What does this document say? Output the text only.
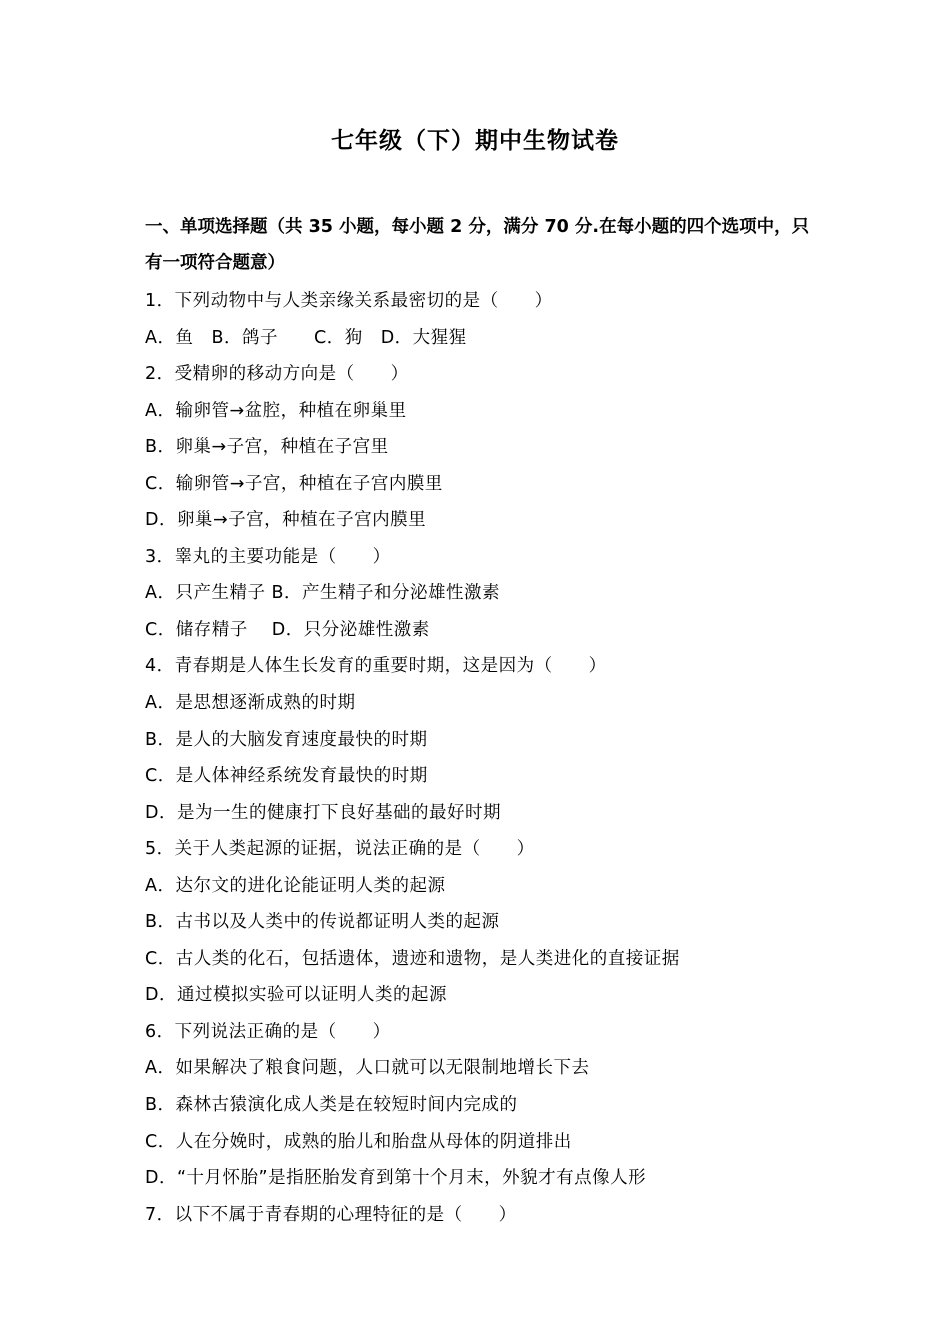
七年级（下）期中生物试卷
一、单项选择题（共 35 小题，每小题 2 分，满分 70 分.在每小题的四个选项中，只有一项符合题意）
1．下列动物中与人类亲缘关系最密切的是（　　）
A．鱼　B．鸽子　　C．狗　D．大猩猩
2．受精卵的移动方向是（　　）
A．输卵管→盆腔，种植在卵巢里
B．卵巢→子宫，种植在子宫里
C．输卵管→子宫，种植在子宫内膜里
D．卵巢→子宫，种植在子宫内膜里
3．睾丸的主要功能是（　　）
A．只产生精子 B．产生精子和分泌雄性激素
C．储存精子　 D．只分泌雄性激素
4．青春期是人体生长发育的重要时期，这是因为（　　）
A．是思想逐渐成熟的时期
B．是人的大脑发育速度最快的时期
C．是人体神经系统发育最快的时期
D．是为一生的健康打下良好基础的最好时期
5．关于人类起源的证据，说法正确的是（　　）
A．达尔文的进化论能证明人类的起源
B．古书以及人类中的传说都证明人类的起源
C．古人类的化石，包括遗体，遗迹和遗物，是人类进化的直接证据
D．通过模拟实验可以证明人类的起源
6．下列说法正确的是（　　）
A．如果解决了粮食问题，人口就可以无限制地增长下去
B．森林古猿演化成人类是在较短时间内完成的
C．人在分娩时，成熟的胎儿和胎盘从母体的阴道排出
D．“十月怀胎”是指胚胎发育到第十个月末，外貌才有点像人形
7．以下不属于青春期的心理特征的是（　　）
